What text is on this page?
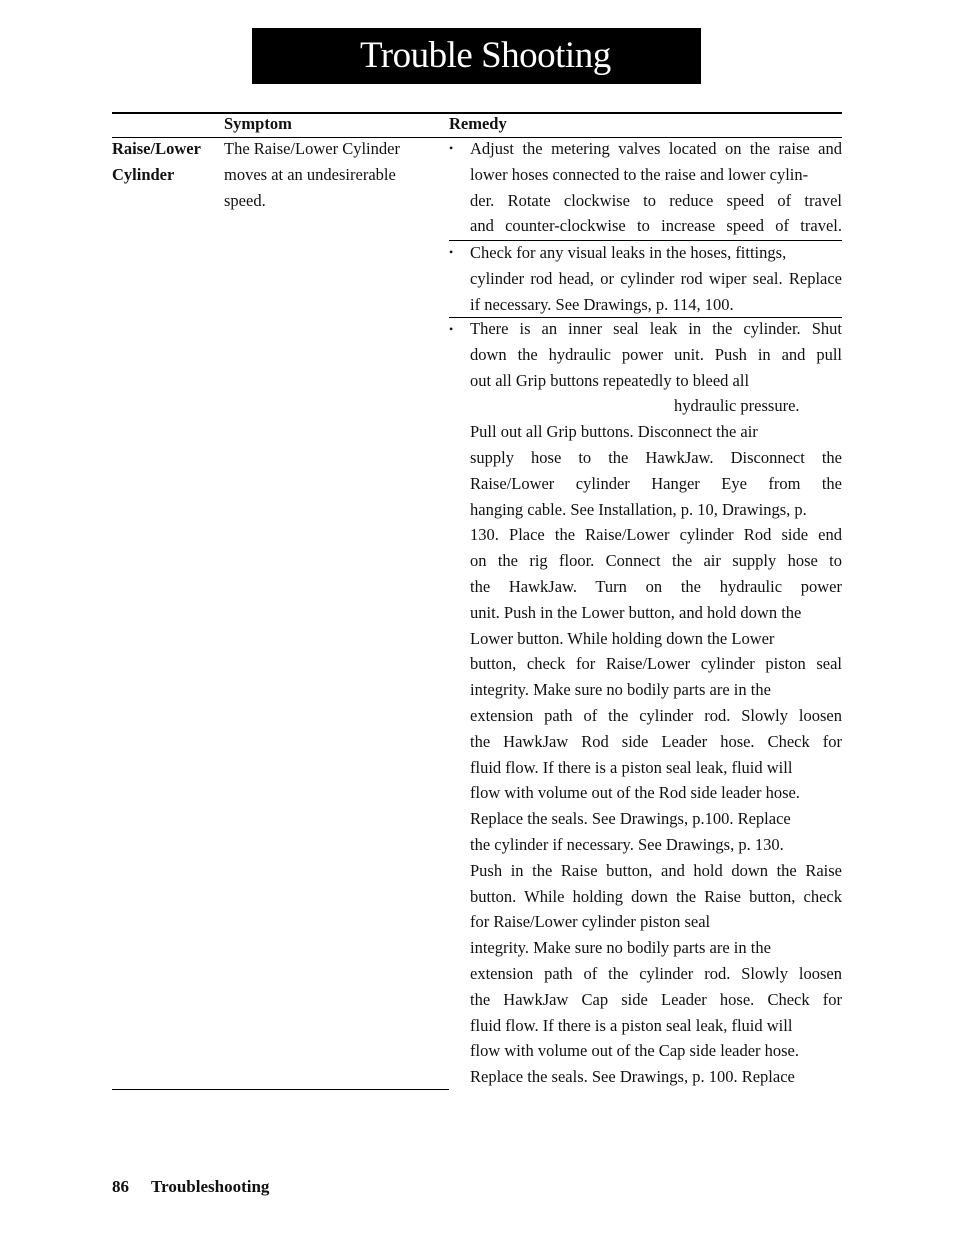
Trouble Shooting
Symptom	Remedy
Raise/Lower
Cylinder
The Raise/Lower Cylinder
moves at an undesirerable
speed.
• Adjust the metering valves located on the raise and
lower hoses connected to the raise and lower cylin-
der. Rotate clockwise to reduce speed of travel
and counter-clockwise to increase speed of travel.
• Check for any visual leaks in the hoses, fittings,
cylinder rod head, or cylinder rod wiper seal. Replace
if necessary. See Drawings, p. 114, 100.
• There is an inner seal leak in the cylinder. Shut
down the hydraulic power unit. Push in and pull
out all Grip buttons repeatedly to bleed all
hydraulic pressure.
Pull out all Grip buttons. Disconnect the air
supply hose to the HawkJaw. Disconnect the
Raise/Lower cylinder Hanger Eye from the
hanging cable. See Installation, p. 10, Drawings, p.
130. Place the Raise/Lower cylinder Rod side end
on the rig floor. Connect the air supply hose to
the HawkJaw. Turn on the hydraulic power
unit. Push in the Lower button, and hold down the
Lower button. While holding down the Lower
button, check for Raise/Lower cylinder piston seal
integrity. Make sure no bodily parts are in the
extension path of the cylinder rod. Slowly loosen
the HawkJaw Rod side Leader hose. Check for
fluid flow. If there is a piston seal leak, fluid will
flow with volume out of the Rod side leader hose.
Replace the seals. See Drawings, p.100. Replace
the cylinder if necessary. See Drawings, p. 130.
Push in the Raise button, and hold down the Raise
button. While holding down the Raise button, check
for Raise/Lower cylinder piston seal
integrity. Make sure no bodily parts are in the
extension path of the cylinder rod. Slowly loosen
the HawkJaw Cap side Leader hose. Check for
fluid flow. If there is a piston seal leak, fluid will
flow with volume out of the Cap side leader hose.
Replace the seals. See Drawings, p. 100. Replace
86 Troubleshooting
